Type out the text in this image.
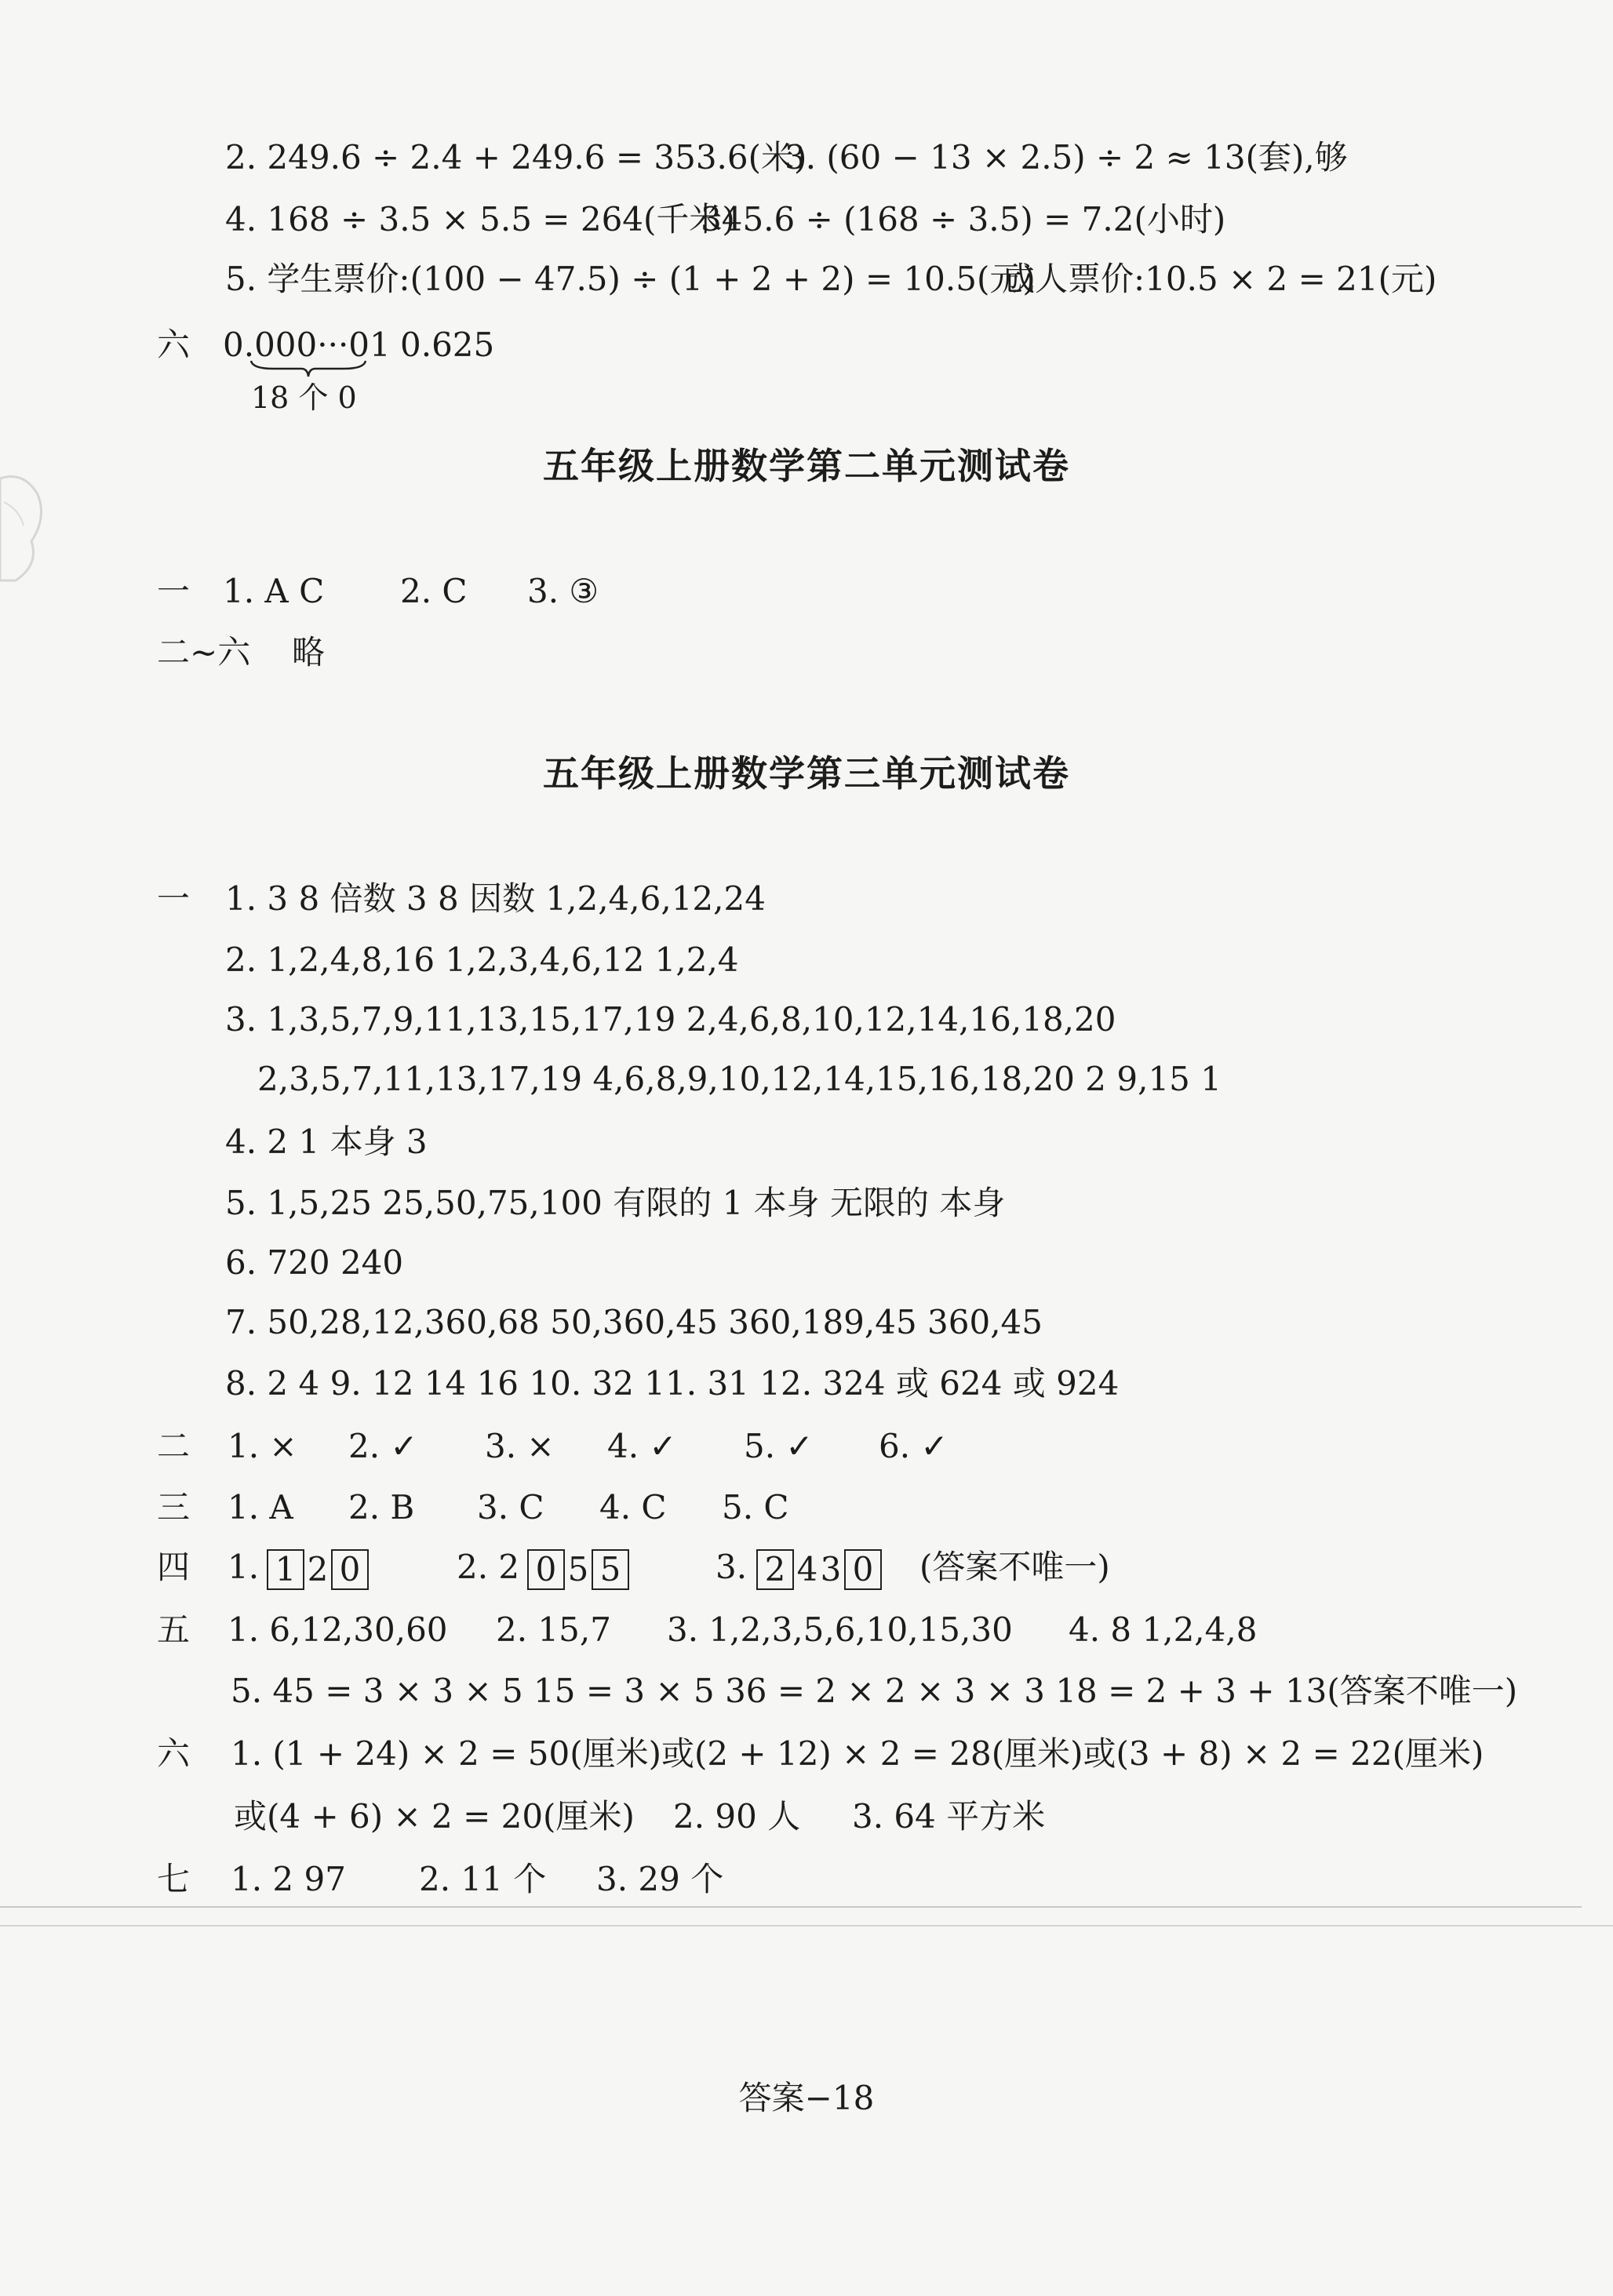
2. 249.6 ÷ 2.4 + 249.6 = 353.6(米)
3. (60 − 13 × 2.5) ÷ 2 ≈ 13(套),够
4. 168 ÷ 3.5 × 5.5 = 264(千米)
345.6 ÷ (168 ÷ 3.5) = 7.2(小时)
5. 学生票价:(100 − 47.5) ÷ (1 + 2 + 2) = 10.5(元)
成人票价:10.5 × 2 = 21(元)
六 0.000···01 0.625
18 个 0
五年级上册数学第二单元测试卷
一 1. A C 2. C 3. ③
二~六 略
五年级上册数学第三单元测试卷
一 1. 3 8 倍数 3 8 因数 1,2,4,6,12,24
2. 1,2,4,8,16 1,2,3,4,6,12 1,2,4
3. 1,3,5,7,9,11,13,15,17,19 2,4,6,8,10,12,14,16,18,20
2,3,5,7,11,13,17,19 4,6,8,9,10,12,14,15,16,18,20 2 9,15 1
4. 2 1 本身 3
5. 1,5,25 25,50,75,100 有限的 1 本身 无限的 本身
6. 720 240
7. 50,28,12,360,68 50,360,45 360,189,45 360,45
8. 2 4 9. 12 14 16 10. 32 11. 31 12. 324 或 624 或 924
二 1. × 2. ✓ 3. × 4. ✓ 5. ✓ 6. ✓
三 1. A 2. B 3. C 4. C 5. C
四 1. 1 2 0	2. 2 0 5 5	3. 2 43 0	(答案不唯一)
五 1. 6,12,30,60 2. 15,7 3. 1,2,3,5,6,10,15,30 4. 8 1,2,4,8
5. 45 = 3 × 3 × 5 15 = 3 × 5 36 = 2 × 2 × 3 × 3 18 = 2 + 3 + 13(答案不唯一)
六 1. (1 + 24) × 2 = 50(厘米)或(2 + 12) × 2 = 28(厘米)或(3 + 8) × 2 = 22(厘米)
或(4 + 6) × 2 = 20(厘米) 2. 90 人 3. 64 平方米
七 1. 2 97 2. 11 个 3. 29 个
答案−18
